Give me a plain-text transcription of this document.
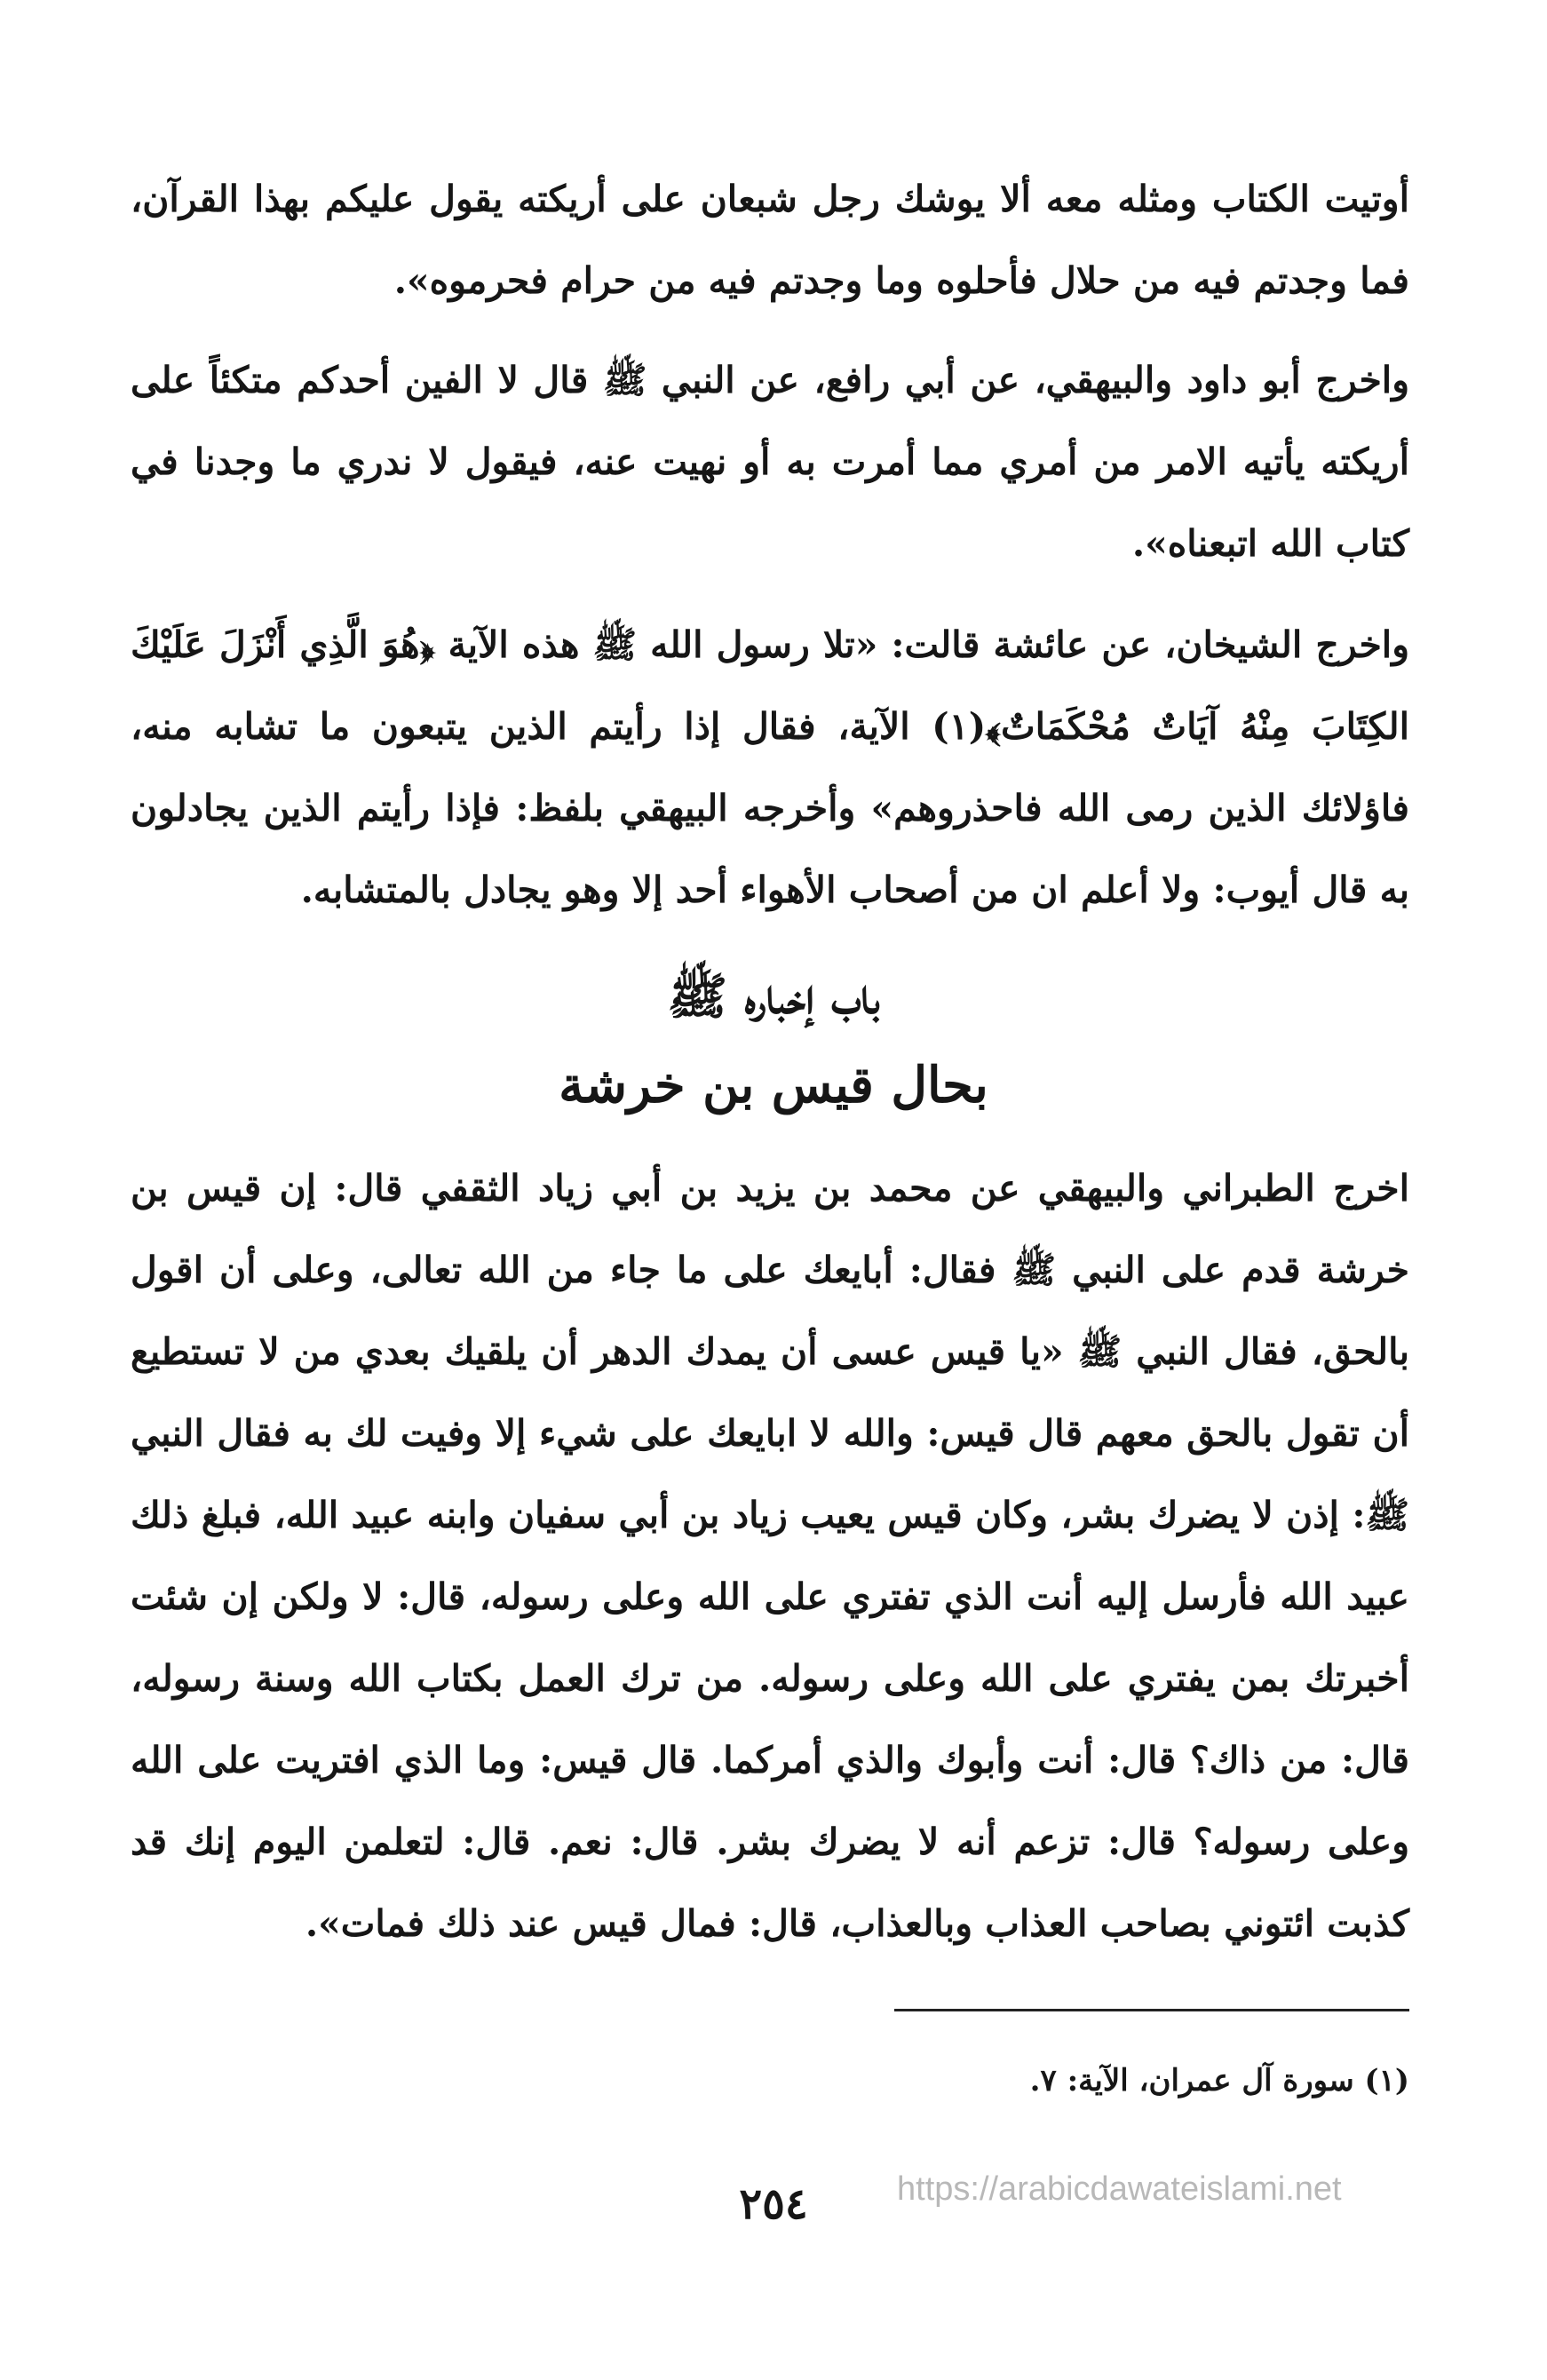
أوتيت الكتاب ومثله معه ألا يوشك رجل شبعان على أريكته يقول عليكم بهذا القرآن، فما وجدتم فيه من حلال فأحلوه وما وجدتم فيه من حرام فحرموه».

واخرج أبو داود والبيهقي، عن أبي رافع، عن النبي ﷺ قال لا الفين أحدكم متكئاً على أريكته يأتيه الامر من أمري مما أمرت به أو نهيت عنه، فيقول لا ندري ما وجدنا في كتاب الله اتبعناه».

واخرج الشيخان، عن عائشة قالت: «تلا رسول الله ﷺ هذه الآية ﴿هُوَ الَّذِي أَنْزَلَ عَلَيْكَ الكِتَابَ مِنْهُ آيَاتٌ مُحْكَمَاتٌ﴾(١) الآية، فقال إذا رأيتم الذين يتبعون ما تشابه منه، فاؤلائك الذين رمى الله فاحذروهم» وأخرجه البيهقي بلفظ: فإذا رأيتم الذين يجادلون به قال أيوب: ولا أعلم ان من أصحاب الأهواء أحد إلا وهو يجادل بالمتشابه.

باب إخباره ﷺ
بحال قيس بن خرشة

اخرج الطبراني والبيهقي عن محمد بن يزيد بن أبي زياد الثقفي قال: إن قيس بن خرشة قدم على النبي ﷺ فقال: أبايعك على ما جاء من الله تعالى، وعلى أن اقول بالحق، فقال النبي ﷺ «يا قيس عسى أن يمدك الدهر أن يلقيك بعدي من لا تستطيع أن تقول بالحق معهم قال قيس: والله لا ابايعك على شيء إلا وفيت لك به فقال النبي ﷺ: إذن لا يضرك بشر، وكان قيس يعيب زياد بن أبي سفيان وابنه عبيد الله، فبلغ ذلك عبيد الله فأرسل إليه أنت الذي تفتري على الله وعلى رسوله، قال: لا ولكن إن شئت أخبرتك بمن يفتري على الله وعلى رسوله. من ترك العمل بكتاب الله وسنة رسوله، قال: من ذاك؟ قال: أنت وأبوك والذي أمركما. قال قيس: وما الذي افتريت على الله وعلى رسوله؟ قال: تزعم أنه لا يضرك بشر. قال: نعم. قال: لتعلمن اليوم إنك قد كذبت ائتوني بصاحب العذاب وبالعذاب، قال: فمال قيس عند ذلك فمات».

(١) سورة آل عمران، الآية: ٧.
٢٥٤	https://arabicdawateislami.net
